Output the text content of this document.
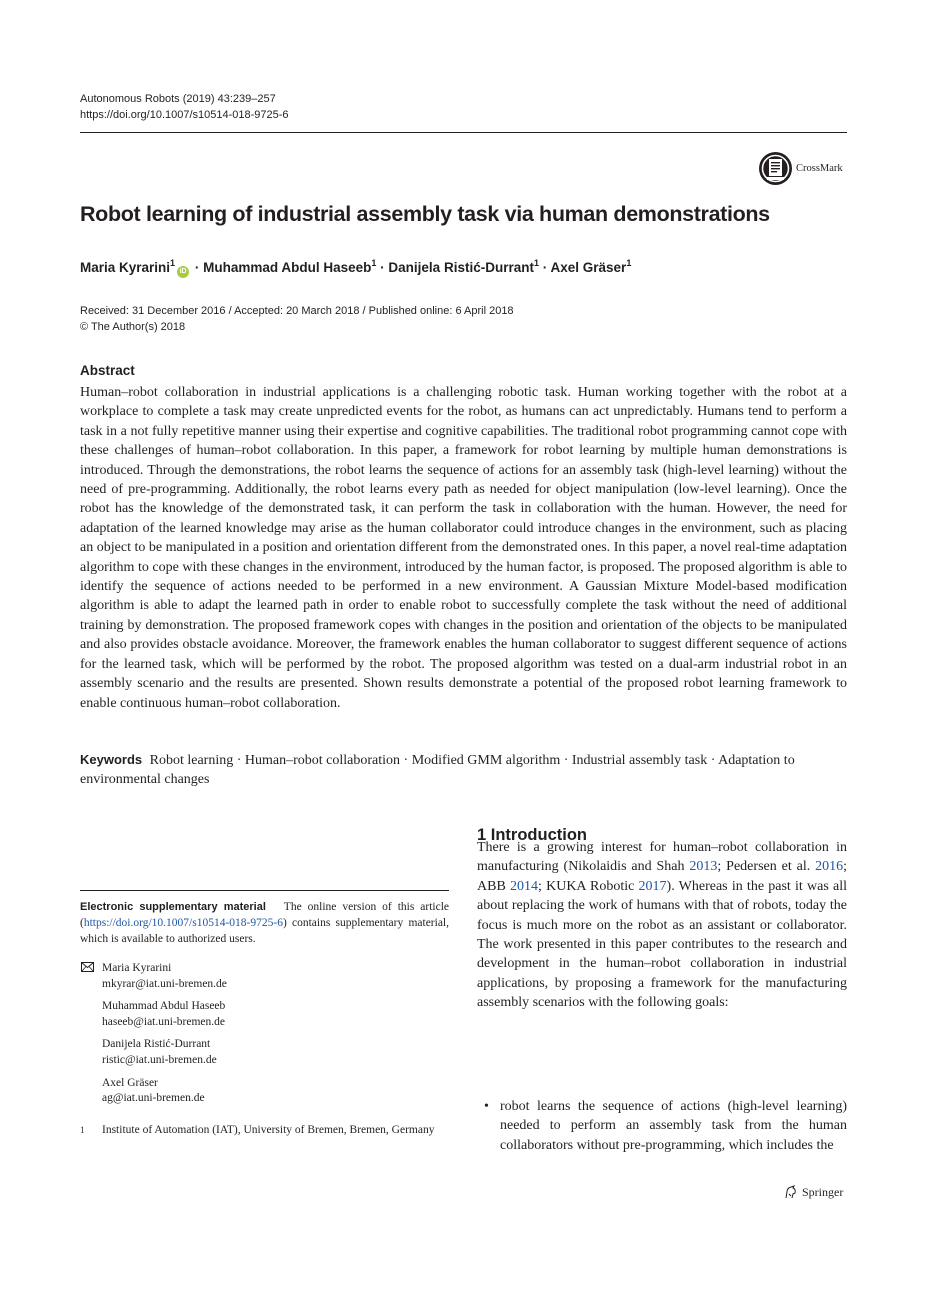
Autonomous Robots (2019) 43:239–257
https://doi.org/10.1007/s10514-018-9725-6
CrossMark
Robot learning of industrial assembly task via human demonstrations
Maria Kyrarini$^1$iD · Muhammad Abdul Haseeb$^1$ · Danijela Ristić-Durrant$^1$ · Axel Gräser$^1$
Received: 31 December 2016 / Accepted: 20 March 2018 / Published online: 6 April 2018
© The Author(s) 2018
Abstract
Human–robot collaboration in industrial applications is a challenging robotic task. Human working together with the robot at a workplace to complete a task may create unpredicted events for the robot, as humans can act unpredictably. Humans tend to perform a task in a not fully repetitive manner using their expertise and cognitive capabilities. The traditional robot programming cannot cope with these challenges of human–robot collaboration. In this paper, a framework for robot learning by multiple human demonstrations is introduced. Through the demonstrations, the robot learns the sequence of actions for an assembly task (high-level learning) without the need of pre-programming. Additionally, the robot learns every path as needed for object manipulation (low-level learning). Once the robot has the knowledge of the demonstrated task, it can perform the task in collaboration with the human. However, the need for adaptation of the learned knowledge may arise as the human collaborator could introduce changes in the environment, such as placing an object to be manipulated in a position and orientation different from the demonstrated ones. In this paper, a novel real-time adaptation algorithm to cope with these changes in the environment, introduced by the human factor, is proposed. The proposed algorithm is able to identify the sequence of actions needed to be performed in a new environment. A Gaussian Mixture Model-based modification algorithm is able to adapt the learned path in order to enable robot to successfully complete the task without the need of additional training by demonstration. The proposed framework copes with changes in the position and orientation of the objects to be manipulated and also provides obstacle avoidance. Moreover, the framework enables the human collaborator to suggest different sequence of actions for the learned task, which will be performed by the robot. The proposed algorithm was tested on a dual-arm industrial robot in an assembly scenario and the results are presented. Shown results demonstrate a potential of the proposed robot learning framework to enable continuous human–robot collaboration.
Keywords Robot learning · Human–robot collaboration · Modified GMM algorithm · Industrial assembly task · Adaptation to environmental changes
Electronic supplementary material The online version of this article (https://doi.org/10.1007/s10514-018-9725-6) contains supplementary material, which is available to authorized users.
Maria Kyrarini
mkyrar@iat.uni-bremen.de
Muhammad Abdul Haseeb
haseeb@iat.uni-bremen.de
Danijela Ristić-Durrant
ristic@iat.uni-bremen.de
Axel Gräser
ag@iat.uni-bremen.de
1 Institute of Automation (IAT), University of Bremen, Bremen, Germany
1 Introduction

There is a growing interest for human–robot collaboration in manufacturing (Nikolaidis and Shah 2013; Pedersen et al. 2016; ABB 2014; KUKA Robotic 2017). Whereas in the past it was all about replacing the work of humans with that of robots, today the focus is much more on the robot as an assistant or collaborator. The work presented in this paper contributes to the research and development in the human–robot collaboration in industrial applications, by proposing a framework for the manufacturing assembly scenarios with the following goals:

• robot learns the sequence of actions (high-level learning) needed to perform an assembly task from the human collaborators without pre-programming, which includes the
Springer
